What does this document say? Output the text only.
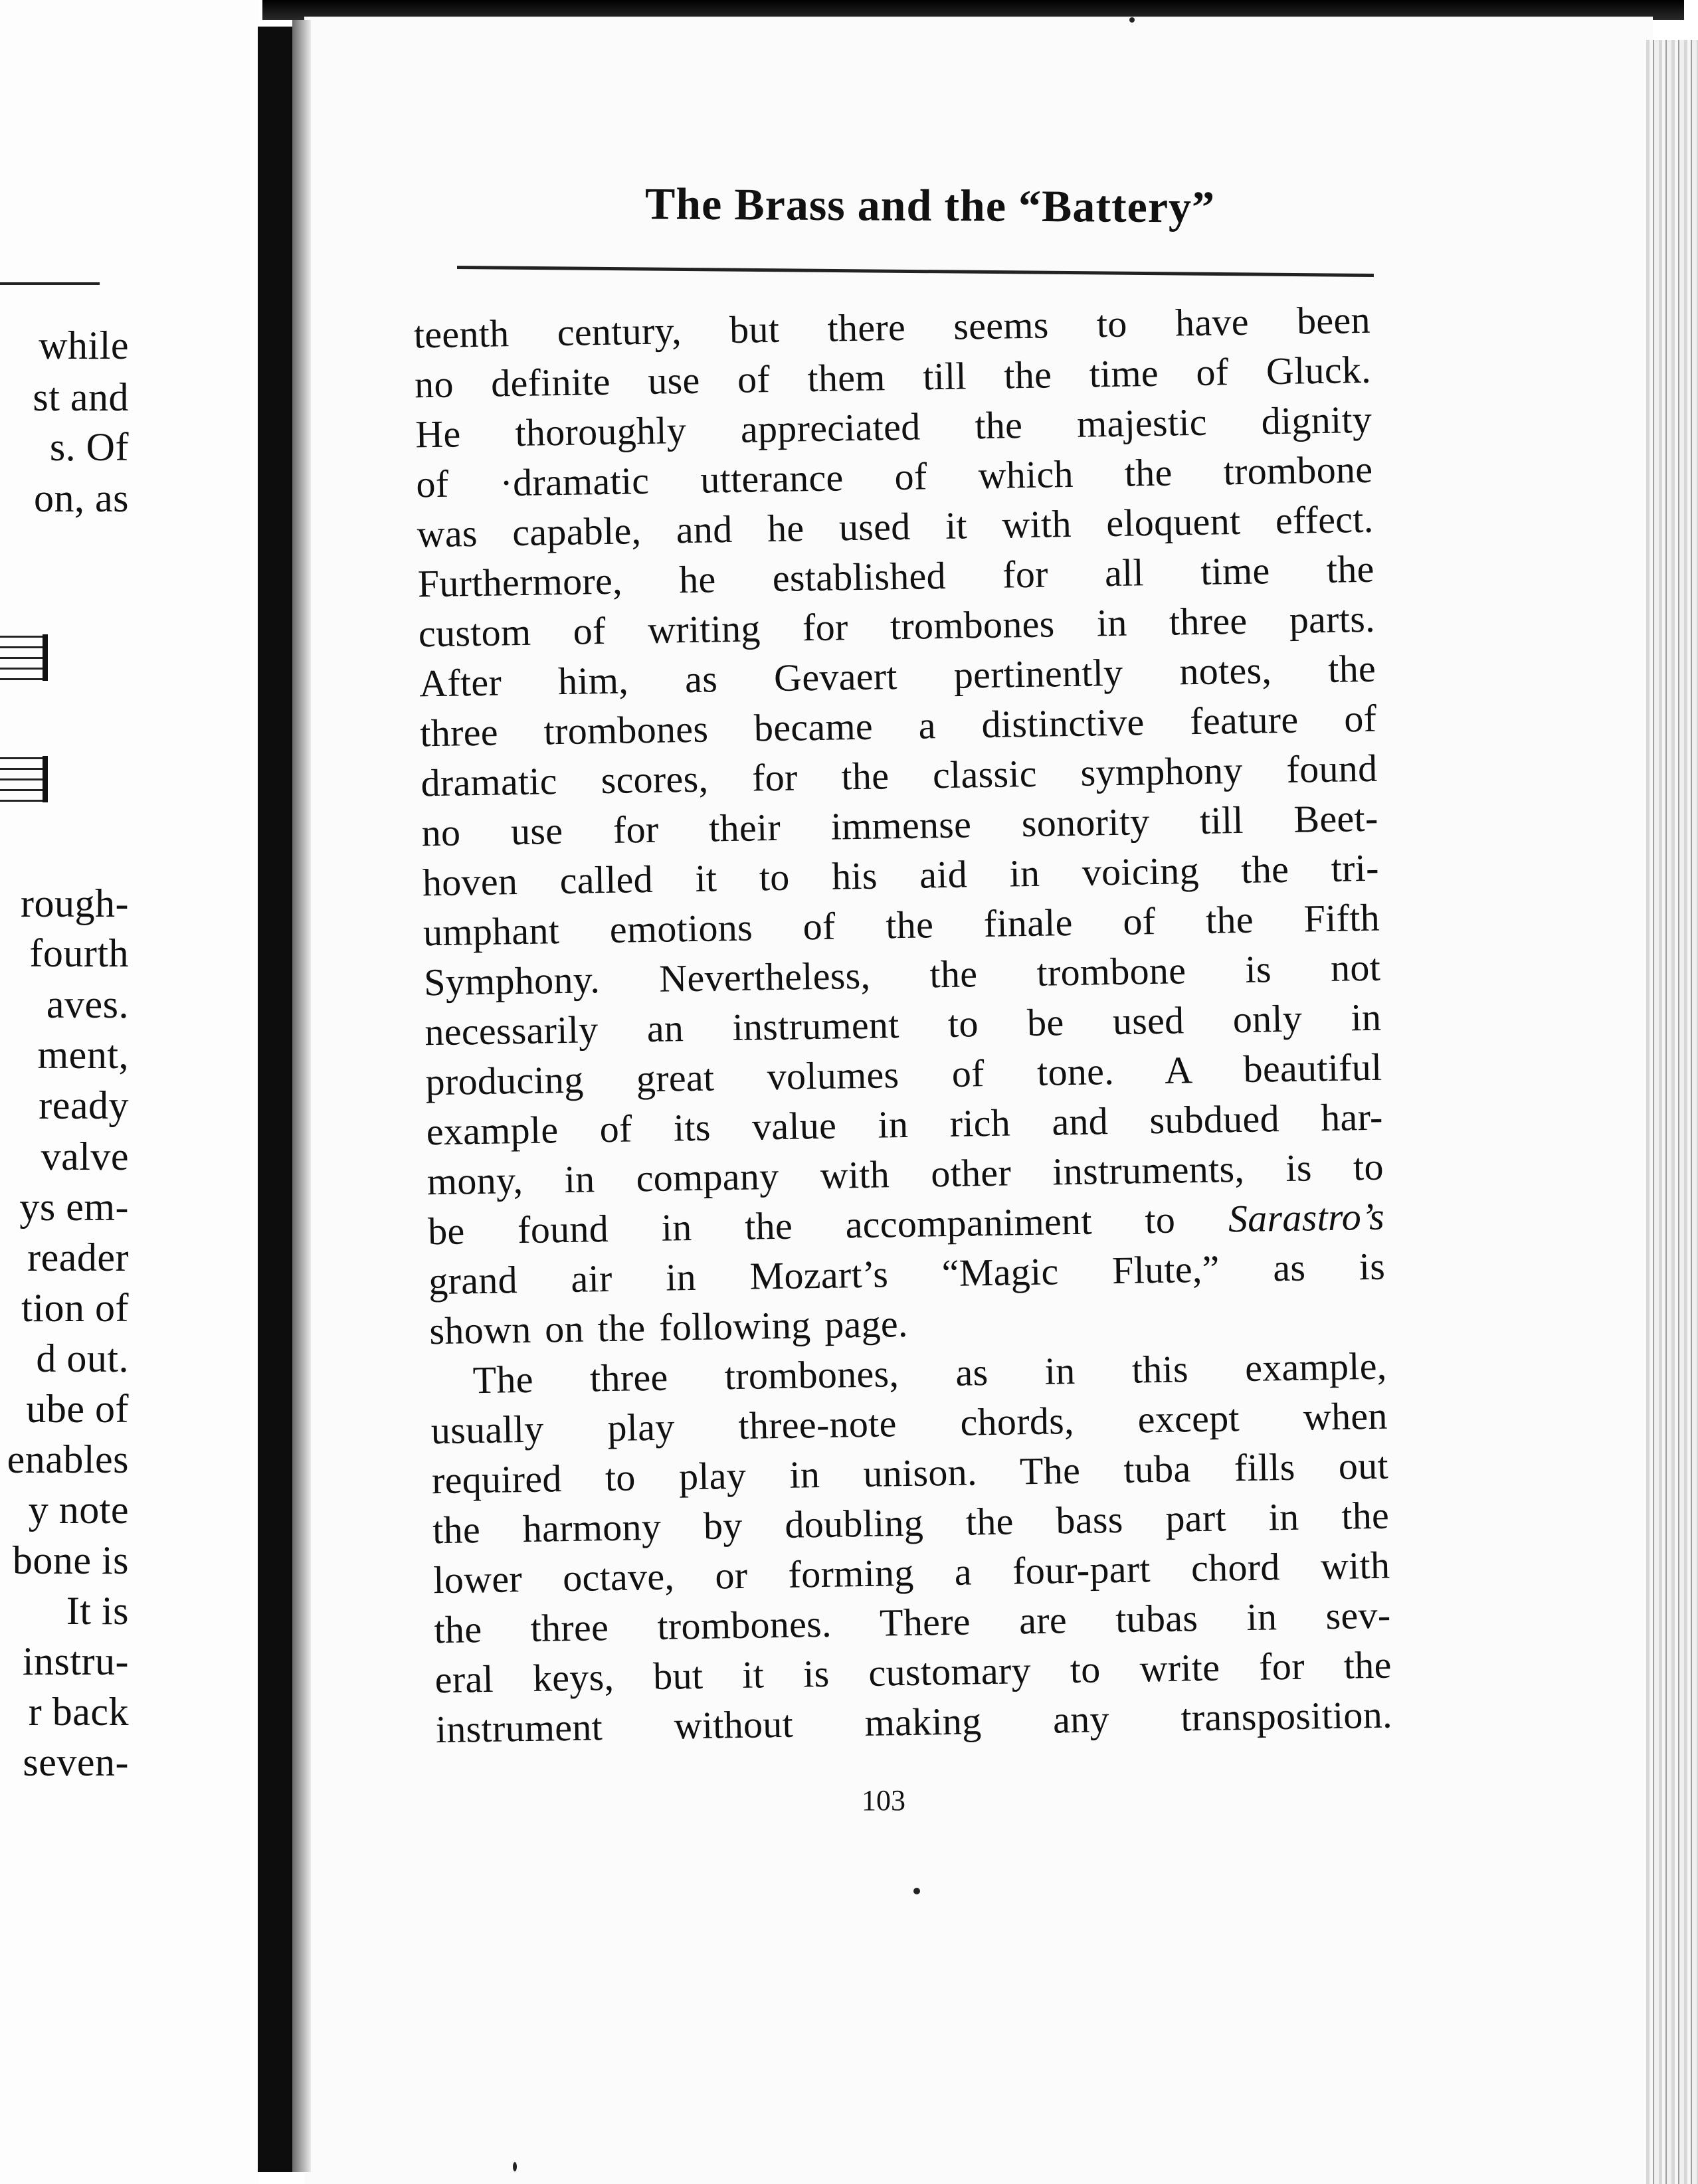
while
st and
s. Of
on, as
rough-
fourth
aves.
ment,
ready
valve
ys em-
reader
tion of
d out.
ube of
enables
y note
bone is
It is
instru-
r back
seven-
The Brass and the “Battery”
teenth century, but there seems to have been
no definite use of them till the time of Gluck.
He thoroughly appreciated the majestic dignity
of ·dramatic utterance of which the trombone
was capable, and he used it with eloquent effect.
Furthermore, he established for all time the
custom of writing for trombones in three parts.
After him, as Gevaert pertinently notes, the
three trombones became a distinctive feature of
dramatic scores, for the classic symphony found
no use for their immense sonority till Beet-
hoven called it to his aid in voicing the tri-
umphant emotions of the finale of the Fifth
Symphony. Nevertheless, the trombone is not
necessarily an instrument to be used only in
producing great volumes of tone. A beautiful
example of its value in rich and subdued har-
mony, in company with other instruments, is to
be found in the accompaniment to Sarastro’s
grand air in Mozart’s “Magic Flute,” as is
shown on the following page.
The three trombones, as in this example,
usually play three-note chords, except when
required to play in unison. The tuba fills out
the harmony by doubling the bass part in the
lower octave, or forming a four-part chord with
the three trombones. There are tubas in sev-
eral keys, but it is customary to write for the
instrument without making any transposition.
103
